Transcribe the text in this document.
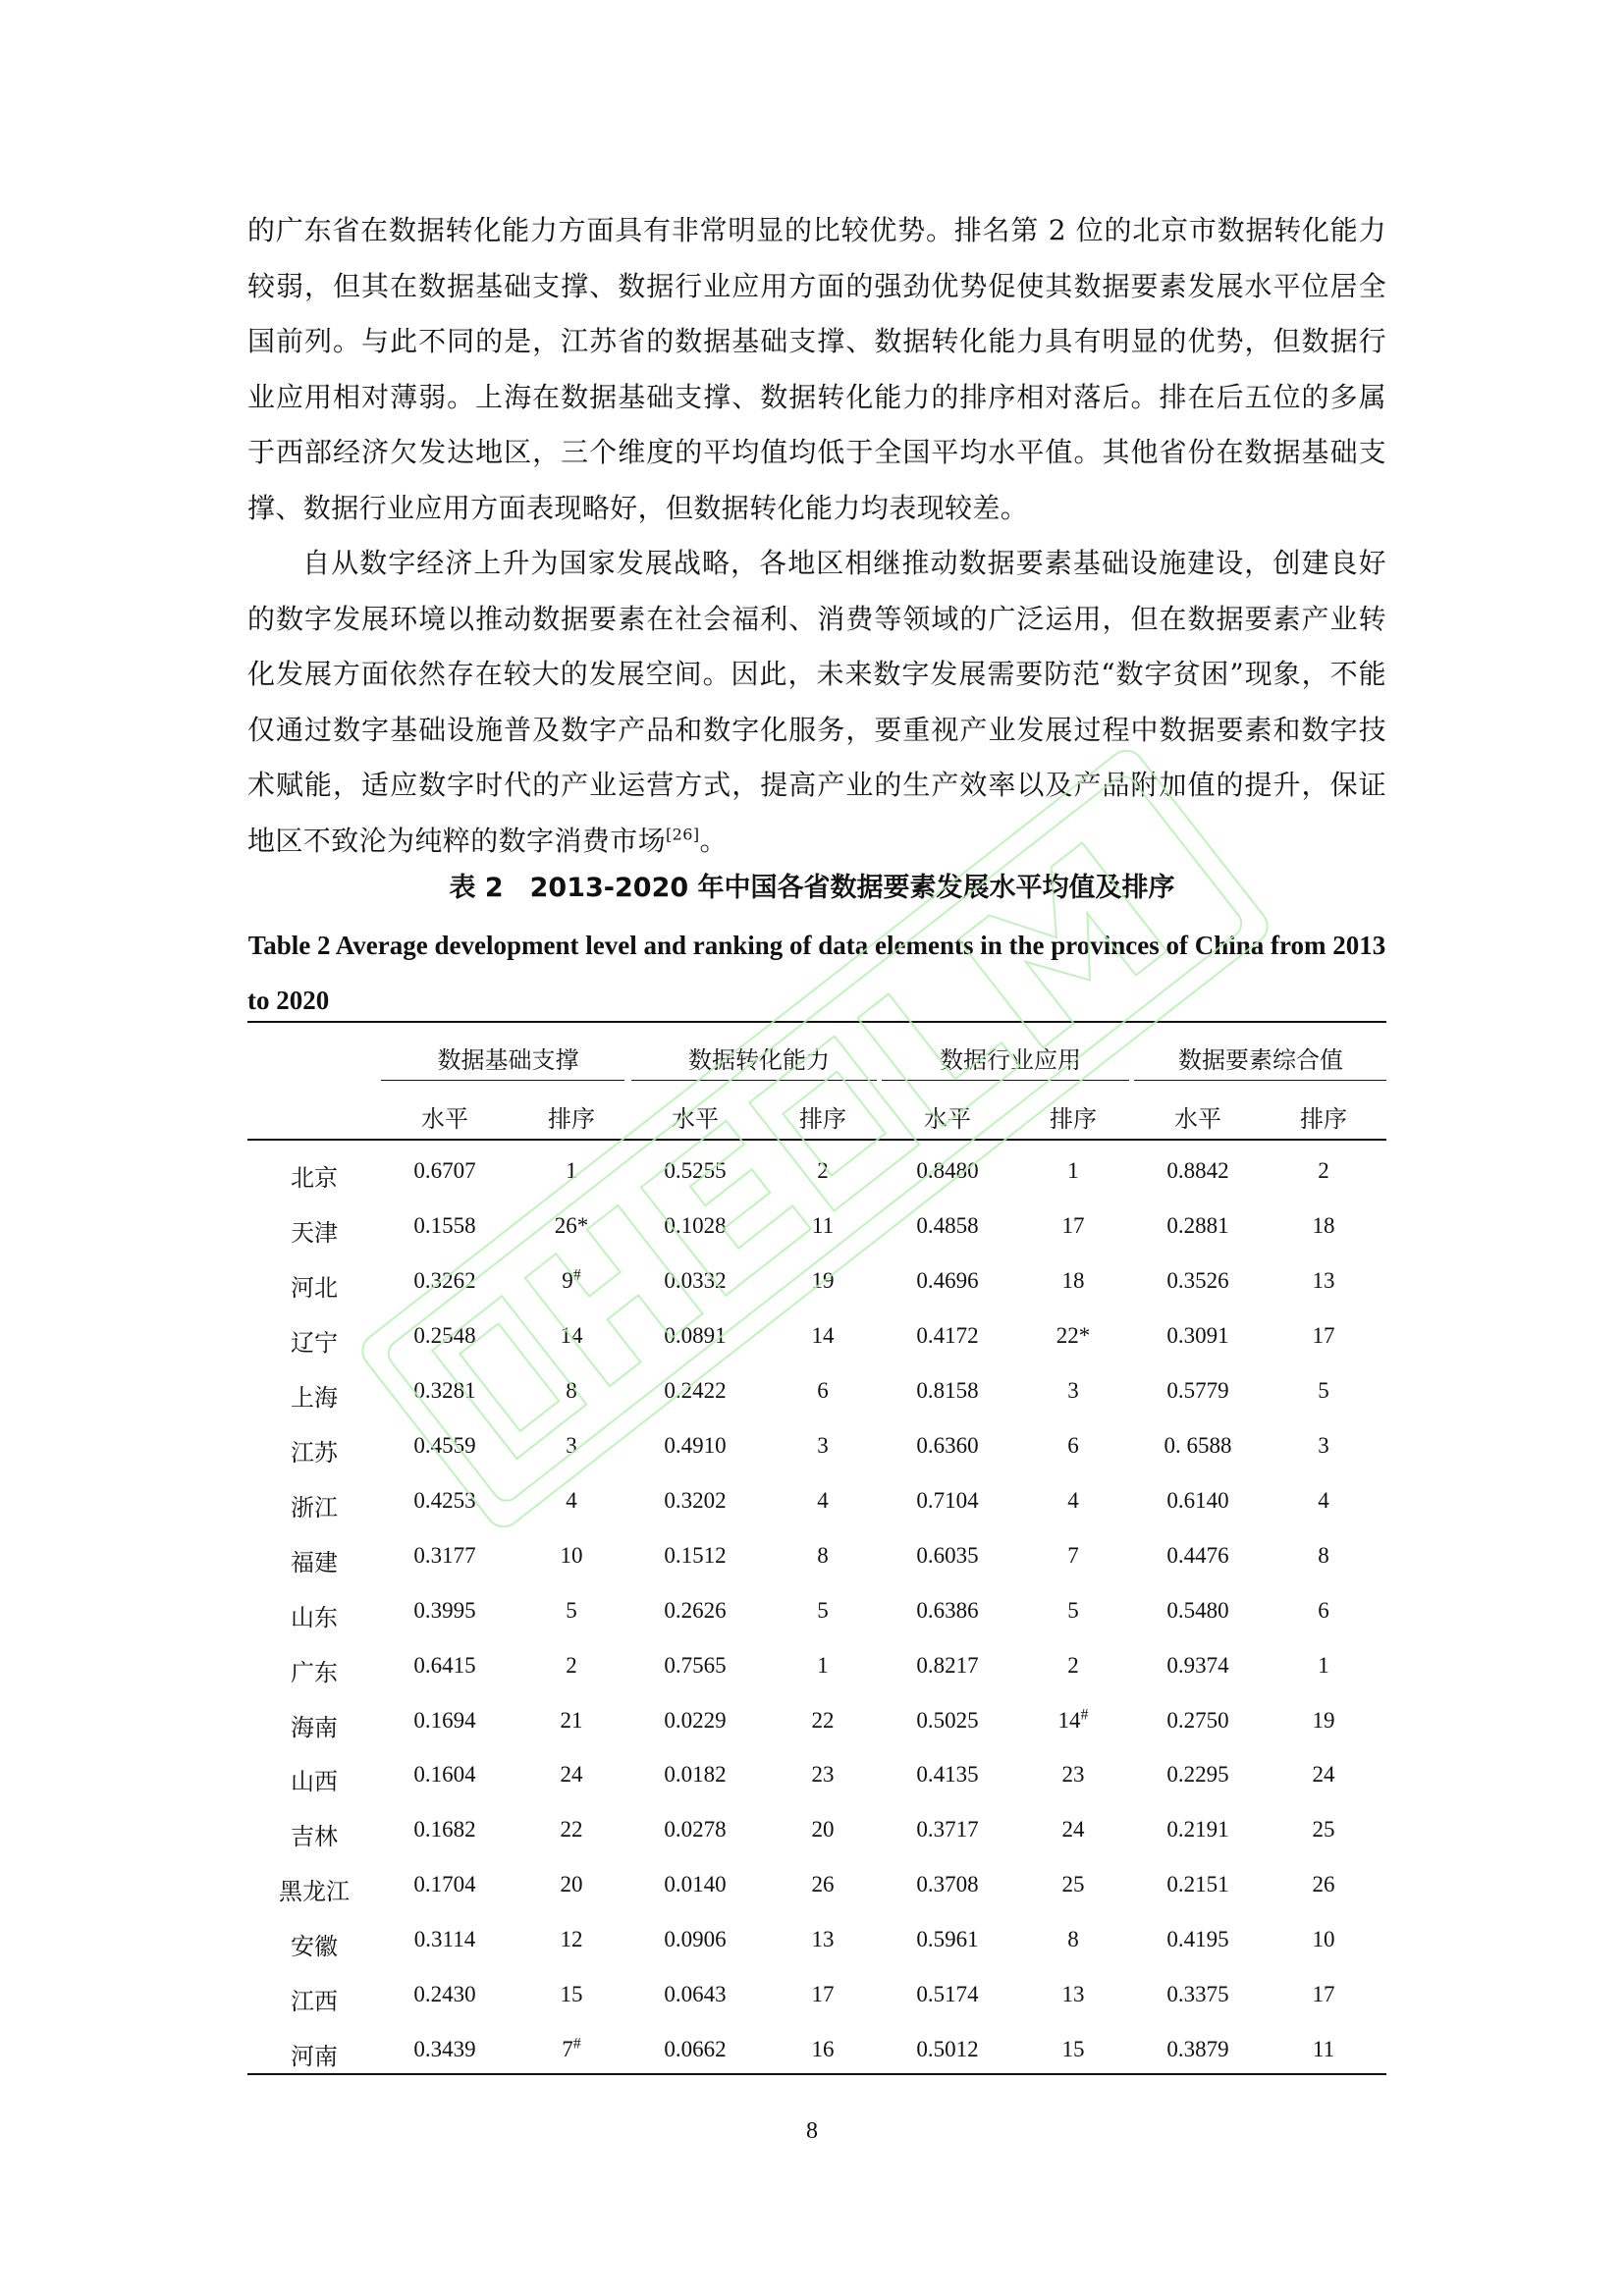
的广东省在数据转化能力方面具有非常明显的比较优势。排名第 2 位的北京市数据转化能力较弱，但其在数据基础支撑、数据行业应用方面的强劲优势促使其数据要素发展水平位居全国前列。与此不同的是，江苏省的数据基础支撑、数据转化能力具有明显的优势，但数据行业应用相对薄弱。上海在数据基础支撑、数据转化能力的排序相对落后。排在后五位的多属于西部经济欠发达地区，三个维度的平均值均低于全国平均水平值。其他省份在数据基础支撑、数据行业应用方面表现略好，但数据转化能力均表现较差。

自从数字经济上升为国家发展战略，各地区相继推动数据要素基础设施建设，创建良好的数字发展环境以推动数据要素在社会福利、消费等领域的广泛运用，但在数据要素产业转化发展方面依然存在较大的发展空间。因此，未来数字发展需要防范“数字贫困”现象，不能仅通过数字基础设施普及数字产品和数字化服务，要重视产业发展过程中数据要素和数字技术赋能，适应数字时代的产业运营方式，提高产业的生产效率以及产品附加值的提升，保证地区不致沦为纯粹的数字消费市场[26]。

表 2　2013-2020 年中国各省数据要素发展水平均值及排序

Table 2 Average development level and ranking of data elements in the provinces of China from 2013 to 2020

数据基础支撑	数据转化能力	数据行业应用	数据要素综合值
水平	排序	水平	排序	水平	排序	水平	排序
北京	0.6707	1	0.5255	2	0.8480	1	0.8842	2
天津	0.1558	26*	0.1028	11	0.4858	17	0.2881	18
河北	0.3262	9#	0.0332	19	0.4696	18	0.3526	13
辽宁	0.2548	14	0.0891	14	0.4172	22*	0.3091	17
上海	0.3281	8	0.2422	6	0.8158	3	0.5779	5
江苏	0.4559	3	0.4910	3	0.6360	6	0. 6588	3
浙江	0.4253	4	0.3202	4	0.7104	4	0.6140	4
福建	0.3177	10	0.1512	8	0.6035	7	0.4476	8
山东	0.3995	5	0.2626	5	0.6386	5	0.5480	6
广东	0.6415	2	0.7565	1	0.8217	2	0.9374	1
海南	0.1694	21	0.0229	22	0.5025	14#	0.2750	19
山西	0.1604	24	0.0182	23	0.4135	23	0.2295	24
吉林	0.1682	22	0.0278	20	0.3717	24	0.2191	25
黑龙江	0.1704	20	0.0140	26	0.3708	25	0.2151	26
安徽	0.3114	12	0.0906	13	0.5961	8	0.4195	10
江西	0.2430	15	0.0643	17	0.5174	13	0.3375	17
河南	0.3439	7#	0.0662	16	0.5012	15	0.3879	11
8
